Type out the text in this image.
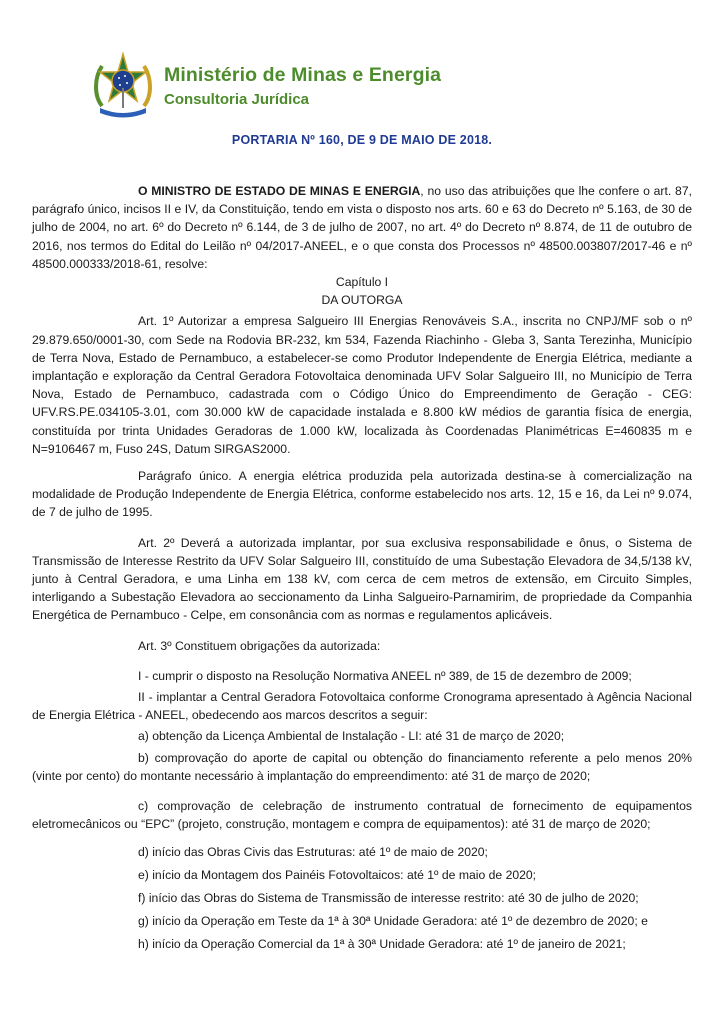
Ministério de Minas e Energia
Consultoria Jurídica
PORTARIA Nº 160, DE 9 DE MAIO DE 2018.

O MINISTRO DE ESTADO DE MINAS E ENERGIA, no uso das atribuições que lhe confere o art. 87, parágrafo único, incisos II e IV, da Constituição, tendo em vista o disposto nos arts. 60 e 63 do Decreto nº 5.163, de 30 de julho de 2004, no art. 6º do Decreto nº 6.144, de 3 de julho de 2007, no art. 4º do Decreto nº 8.874, de 11 de outubro de 2016, nos termos do Edital do Leilão nº 04/2017-ANEEL, e o que consta dos Processos nº 48500.003807/2017-46 e nº 48500.000333/2018-61, resolve:

Capítulo I

DA OUTORGA

Art. 1º Autorizar a empresa Salgueiro III Energias Renováveis S.A., inscrita no CNPJ/MF sob o nº 29.879.650/0001-30, com Sede na Rodovia BR-232, km 534, Fazenda Riachinho - Gleba 3, Santa Terezinha, Município de Terra Nova, Estado de Pernambuco, a estabelecer-se como Produtor Independente de Energia Elétrica, mediante a implantação e exploração da Central Geradora Fotovoltaica denominada UFV Solar Salgueiro III, no Município de Terra Nova, Estado de Pernambuco, cadastrada com o Código Único do Empreendimento de Geração - CEG: UFV.RS.PE.034105-3.01, com 30.000 kW de capacidade instalada e 8.800 kW médios de garantia física de energia, constituída por trinta Unidades Geradoras de 1.000 kW, localizada às Coordenadas Planimétricas E=460835 m e N=9106467 m, Fuso 24S, Datum SIRGAS2000.

Parágrafo único. A energia elétrica produzida pela autorizada destina-se à comercialização na modalidade de Produção Independente de Energia Elétrica, conforme estabelecido nos arts. 12, 15 e 16, da Lei nº 9.074, de 7 de julho de 1995.

Art. 2º Deverá a autorizada implantar, por sua exclusiva responsabilidade e ônus, o Sistema de Transmissão de Interesse Restrito da UFV Solar Salgueiro III, constituído de uma Subestação Elevadora de 34,5/138 kV, junto à Central Geradora, e uma Linha em 138 kV, com cerca de cem metros de extensão, em Circuito Simples, interligando a Subestação Elevadora ao seccionamento da Linha Salgueiro-Parnamirim, de propriedade da Companhia Energética de Pernambuco - Celpe, em consonância com as normas e regulamentos aplicáveis.

Art. 3º Constituem obrigações da autorizada:

I - cumprir o disposto na Resolução Normativa ANEEL nº 389, de 15 de dezembro de 2009;

II - implantar a Central Geradora Fotovoltaica conforme Cronograma apresentado à Agência Nacional de Energia Elétrica - ANEEL, obedecendo aos marcos descritos a seguir:

a) obtenção da Licença Ambiental de Instalação - LI: até 31 de março de 2020;

b) comprovação do aporte de capital ou obtenção do financiamento referente a pelo menos 20% (vinte por cento) do montante necessário à implantação do empreendimento: até 31 de março de 2020;

c) comprovação de celebração de instrumento contratual de fornecimento de equipamentos eletromecânicos ou “EPC” (projeto, construção, montagem e compra de equipamentos): até 31 de março de 2020;

d) início das Obras Civis das Estruturas: até 1º de maio de 2020;

e) início da Montagem dos Painéis Fotovoltaicos: até 1º de maio de 2020;

f) início das Obras do Sistema de Transmissão de interesse restrito: até 30 de julho de 2020;

g) início da Operação em Teste da 1ª à 30ª Unidade Geradora: até 1º de dezembro de 2020; e

h) início da Operação Comercial da 1ª à 30ª Unidade Geradora: até 1º de janeiro de 2021;
